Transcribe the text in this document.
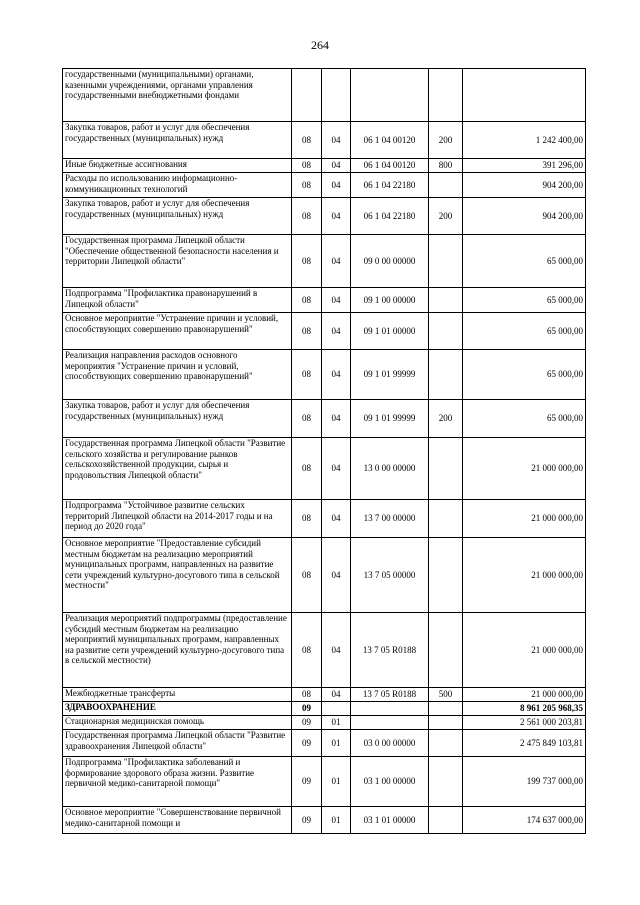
264
государственными (муниципальными) органами, казенными учреждениями, органами управления государственными внебюджетными фондами					
Закупка товаров, работ и услуг для обеспечения государственных (муниципальных) нужд	08	04	06 1 04 00120	200	1 242 400,00
Иные бюджетные ассигнования	08	04	06 1 04 00120	800	391 296,00
Расходы по использованию информационно-коммуникационных технологий	08	04	06 1 04 22180		904 200,00
Закупка товаров, работ и услуг для обеспечения государственных (муниципальных) нужд	08	04	06 1 04 22180	200	904 200,00
Государственная программа Липецкой области "Обеспечение общественной безопасности населения и территории Липецкой области"	08	04	09 0 00 00000		65 000,00
Подпрограмма "Профилактика правонарушений в Липецкой области"	08	04	09 1 00 00000		65 000,00
Основное мероприятие "Устранение причин и условий, способствующих совершению правонарушений"	08	04	09 1 01 00000		65 000,00
Реализация направления расходов основного мероприятия "Устранение причин и условий, способствующих совершению правонарушений"	08	04	09 1 01 99999		65 000,00
Закупка товаров, работ и услуг для обеспечения государственных (муниципальных) нужд	08	04	09 1 01 99999	200	65 000,00
Государственная программа Липецкой области "Развитие сельского хозяйства и регулирование рынков сельскохозяйственной продукции, сырья и продовольствия Липецкой области"	08	04	13 0 00 00000		21 000 000,00
Подпрограмма "Устойчивое развитие сельских территорий Липецкой области на 2014-2017 годы и на период до 2020 года"	08	04	13 7 00 00000		21 000 000,00
Основное мероприятие "Предоставление субсидий местным бюджетам на реализацию мероприятий муниципальных программ, направленных на развитие сети учреждений культурно-досугового типа в сельской местности"	08	04	13 7 05 00000		21 000 000,00
Реализация мероприятий подпрограммы (предоставление субсидий местным бюджетам на реализацию мероприятий муниципальных программ, направленных на развитие сети учреждений культурно-досугового типа в сельской местности)	08	04	13 7 05 R0188		21 000 000,00
Межбюджетные трансферты	08	04	13 7 05 R0188	500	21 000 000,00
ЗДРАВООХРАНЕНИЕ	09				8 961 205 968,35
Стационарная медицинская помощь	09	01			2 561 000 203,81
Государственная программа Липецкой области "Развитие здравоохранения Липецкой области"	09	01	03 0 00 00000		2 475 849 103,81
Подпрограмма "Профилактика заболеваний и формирование здорового образа жизни. Развитие первичной медико-санитарной помощи"	09	01	03 1 00 00000		199 737 000,00
Основное мероприятие "Совершенствование первичной медико-санитарной помощи и	09	01	03 1 01 00000		174 637 000,00
